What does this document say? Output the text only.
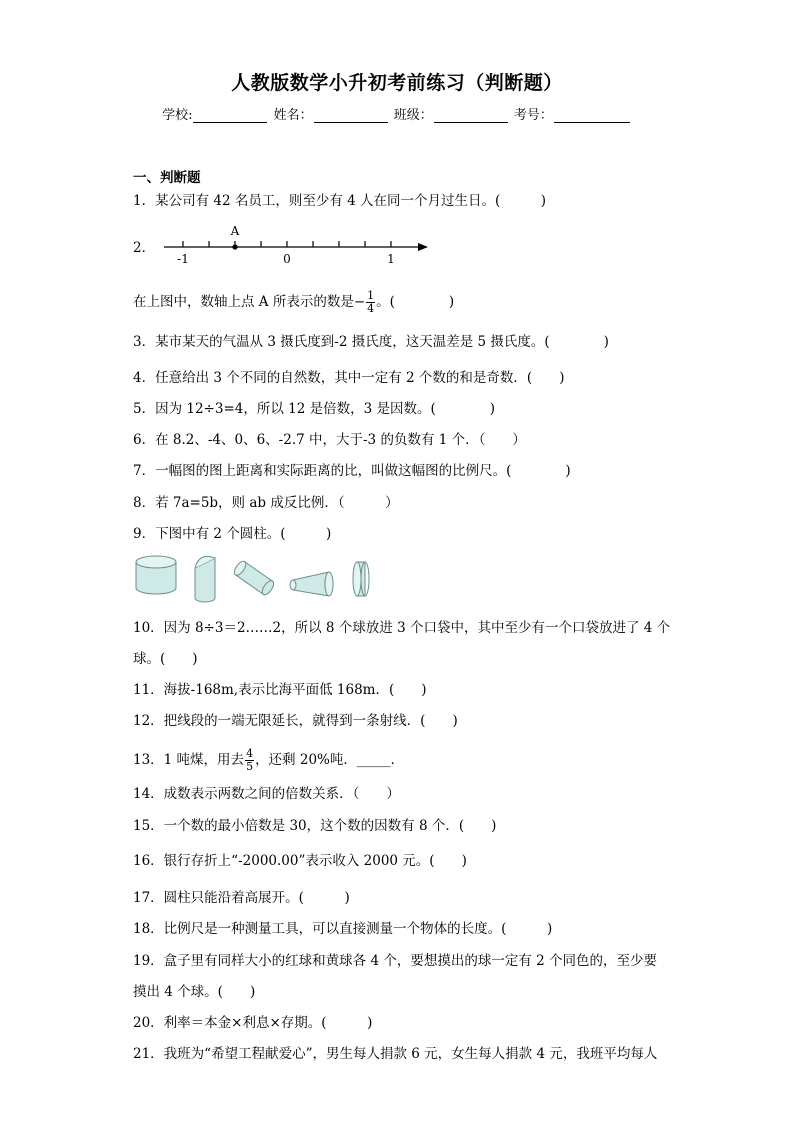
人教版数学小升初考前练习（判断题）
学校:	姓名：	班级：	考号：
一、判断题
1．某公司有 42 名员工，则至少有 4 人在同一个月过生日。(　　　)
2．
A
-1	0	1
在上图中，数轴上点 A 所表示的数是− $\frac{1}{4}$ 。(　　　　)
3．某市某天的气温从 3 摄氏度到-2 摄氏度，这天温差是 5 摄氏度。(　　　　)
4．任意给出 3 个不同的自然数，其中一定有 2 个数的和是奇数．(　　)
5．因为 12÷3=4，所以 12 是倍数，3 是因数。(　　　　)
6．在 8.2、-4、0、6、-2.7 中，大于-3 的负数有 1 个．（　　）
7．一幅图的图上距离和实际距离的比，叫做这幅图的比例尺。(　　　　)
8．若 7a=5b，则 ab 成反比例．（　　　）
9．下图中有 2 个圆柱。(　　　)
10．因为 8÷3＝2……2，所以 8 个球放进 3 个口袋中，其中至少有一个口袋放进了 4 个
球。(　　)
11．海拔-168m,表示比海平面低 168m．(　　)
12．把线段的一端无限延长，就得到一条射线．(　　)
13．1 吨煤，用去 $\frac{4}{5}$ ，还剩 20%吨．_____．
14．成数表示两数之间的倍数关系．（　　）
15．一个数的最小倍数是 30，这个数的因数有 8 个．(　　)
16．银行存折上“-2000.00”表示收入 2000 元。(　　)
17．圆柱只能沿着高展开。(　　　)
18．比例尺是一种测量工具，可以直接测量一个物体的长度。(　　　)
19．盒子里有同样大小的红球和黄球各 4 个，要想摸出的球一定有 2 个同色的，至少要
摸出 4 个球。(　　)
20．利率＝本金×利息×存期。(　　　)
21．我班为“希望工程献爱心”，男生每人捐款 6 元，女生每人捐款 4 元，我班平均每人
